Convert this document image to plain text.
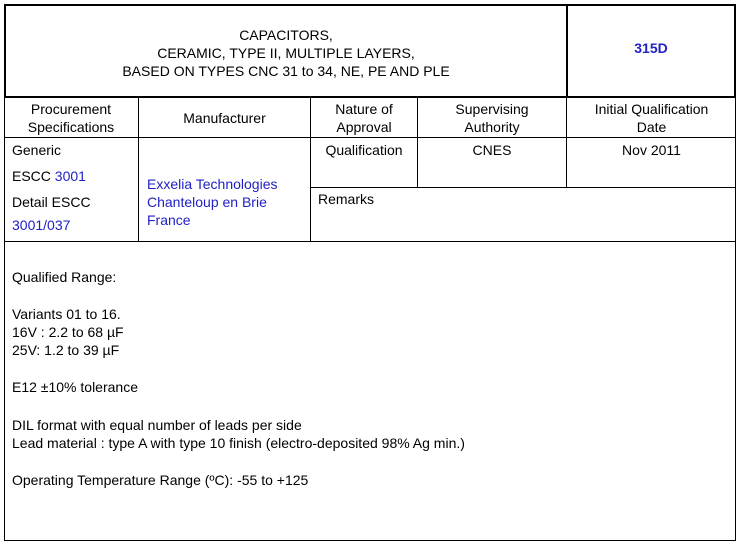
CAPACITORS,
CERAMIC, TYPE II, MULTIPLE LAYERS,
BASED ON TYPES CNC 31 to 34, NE, PE AND PLE
315D
Procurement
Specifications
Manufacturer
Nature of
Approval
Supervising
Authority
Initial Qualification
Date
Generic
ESCC 3001
Detail ESCC
3001/037
Exxelia Technologies
Chanteloup en Brie
France
Qualification	CNES	Nov 2011
Remarks
Qualified Range:
Variants 01 to 16.
16V : 2.2 to 68 µF
25V: 1.2 to 39 µF
E12 ±10% tolerance
DIL format with equal number of leads per side
Lead material : type A with type 10 finish (electro-deposited 98% Ag min.)
Operating Temperature Range (ºC): -55 to +125
